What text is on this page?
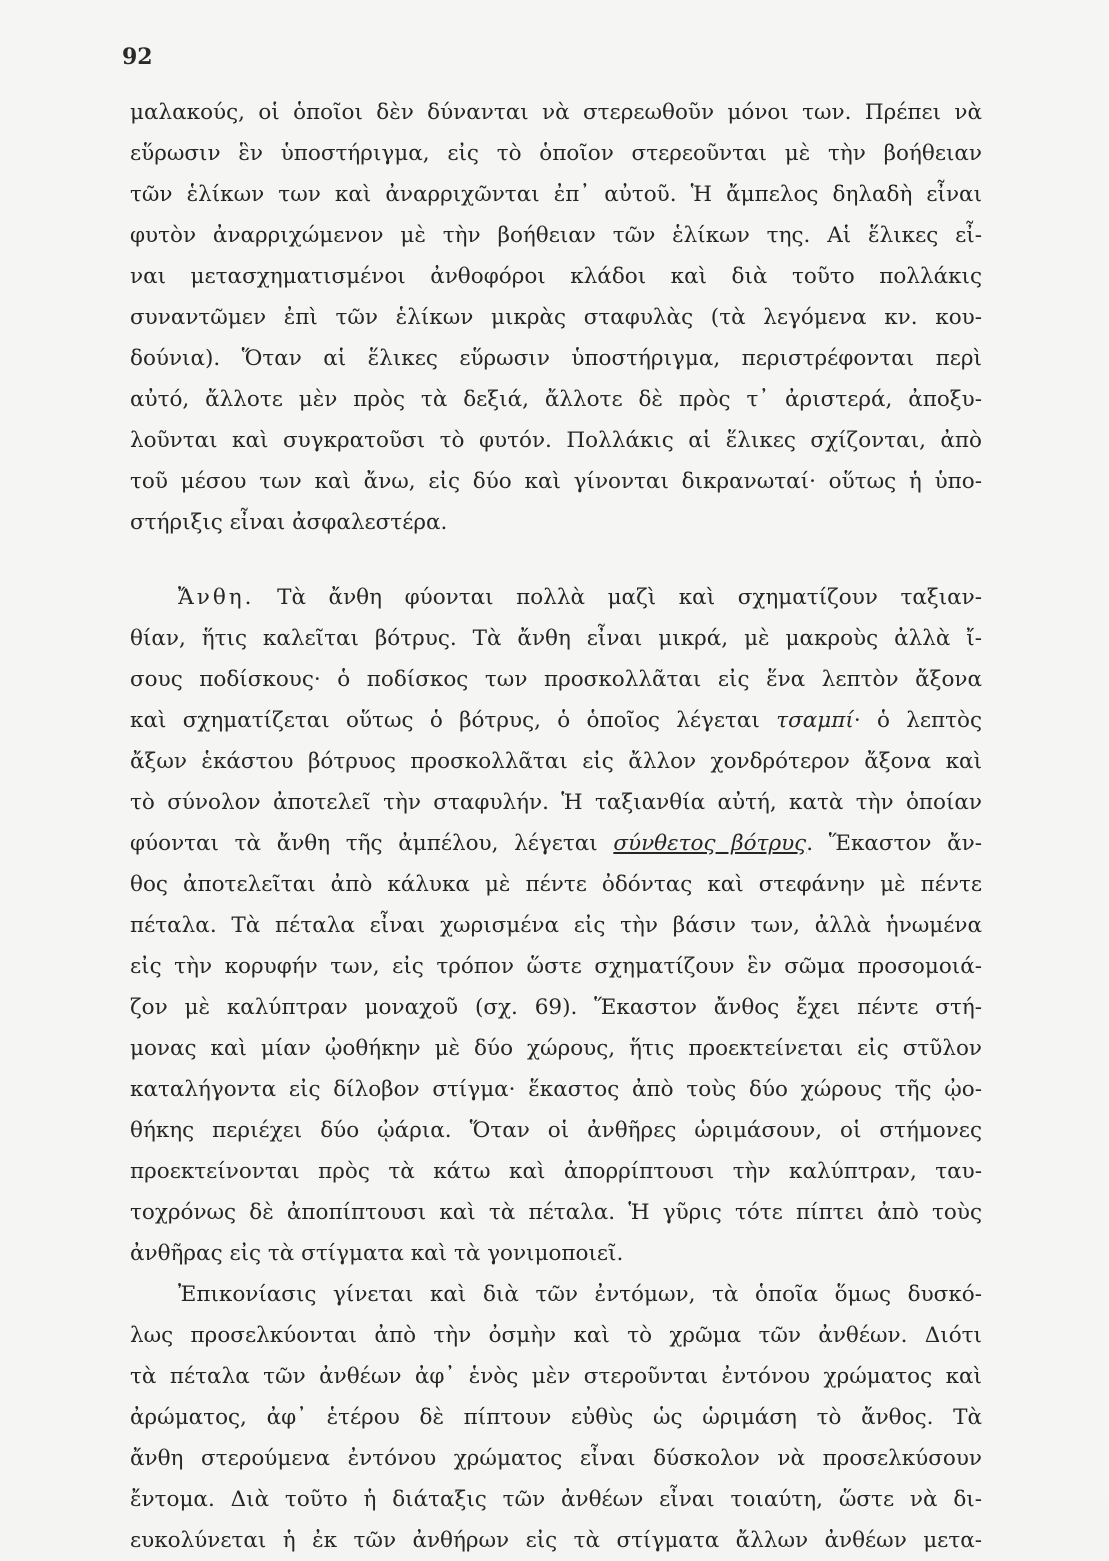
92

μαλακούς, οἱ ὁποῖοι δὲν δύνανται νὰ στερεωθοῦν μόνοι των. Πρέπει νὰ
εὕρωσιν ἓν ὑποστήριγμα, εἰς τὸ ὁποῖον στερεοῦνται μὲ τὴν βοήθειαν
τῶν ἑλίκων των καὶ ἀναρριχῶνται ἐπ᾽ αὐτοῦ. Ἡ ἄμπελος δηλαδὴ εἶναι
φυτὸν ἀναρριχώμενον μὲ τὴν βοήθειαν τῶν ἑλίκων της. Αἱ ἕλικες εἶ-
ναι μετασχηματισμένοι ἀνθοφόροι κλάδοι καὶ διὰ τοῦτο πολλάκις
συναντῶμεν ἐπὶ τῶν ἑλίκων μικρὰς σταφυλὰς (τὰ λεγόμενα κν. κου-
δούνια). Ὅταν αἱ ἕλικες εὕρωσιν ὑποστήριγμα, περιστρέφονται περὶ
αὐτό, ἄλλοτε μὲν πρὸς τὰ δεξιά, ἄλλοτε δὲ πρὸς τ᾽ ἀριστερά, ἀποξυ-
λοῦνται καὶ συγκρατοῦσι τὸ φυτόν. Πολλάκις αἱ ἕλικες σχίζονται, ἀπὸ
τοῦ μέσου των καὶ ἄνω, εἰς δύο καὶ γίνονται δικρανωταί· οὕτως ἡ ὑπο-
στήριξις εἶναι ἀσφαλεστέρα.
Ἄνθη. Τὰ ἄνθη φύονται πολλὰ μαζὶ καὶ σχηματίζουν ταξιαν-
θίαν, ἥτις καλεῖται βότρυς. Τὰ ἄνθη εἶναι μικρά, μὲ μακροὺς ἀλλὰ ἴ-
σους ποδίσκους· ὁ ποδίσκος των προσκολλᾶται εἰς ἕνα λεπτὸν ἄξονα
καὶ σχηματίζεται οὕτως ὁ βότρυς, ὁ ὁποῖος λέγεται τσαμπί· ὁ λεπτὸς
ἄξων ἑκάστου βότρυος προσκολλᾶται εἰς ἄλλον χονδρότερον ἄξονα καὶ
τὸ σύνολον ἀποτελεῖ τὴν σταφυλήν. Ἡ ταξιανθία αὐτή, κατὰ τὴν ὁποίαν
φύονται τὰ ἄνθη τῆς ἀμπέλου, λέγεται σύνθετος βότρυς. Ἕκαστον ἄν-
θος ἀποτελεῖται ἀπὸ κάλυκα μὲ πέντε ὀδόντας καὶ στεφάνην μὲ πέντε
πέταλα. Τὰ πέταλα εἶναι χωρισμένα εἰς τὴν βάσιν των, ἀλλὰ ἡνωμένα
εἰς τὴν κορυφήν των, εἰς τρόπον ὥστε σχηματίζουν ἓν σῶμα προσομοιά-
ζον μὲ καλύπτραν μοναχοῦ (σχ. 69). Ἕκαστον ἄνθος ἔχει πέντε στή-
μονας καὶ μίαν ᾠοθήκην μὲ δύο χώρους, ἥτις προεκτείνεται εἰς στῦλον
καταλήγοντα εἰς δίλοβον στίγμα· ἕκαστος ἀπὸ τοὺς δύο χώρους τῆς ᾠο-
θήκης περιέχει δύο ᾠάρια. Ὅταν οἱ ἀνθῆρες ὡριμάσουν, οἱ στήμονες
προεκτείνονται πρὸς τὰ κάτω καὶ ἀπορρίπτουσι τὴν καλύπτραν, ταυ-
τοχρόνως δὲ ἀποπίπτουσι καὶ τὰ πέταλα. Ἡ γῦρις τότε πίπτει ἀπὸ τοὺς
ἀνθῆρας εἰς τὰ στίγματα καὶ τὰ γονιμοποιεῖ.
Ἐπικονίασις γίνεται καὶ διὰ τῶν ἐντόμων, τὰ ὁποῖα ὅμως δυσκό-
λως προσελκύονται ἀπὸ τὴν ὀσμὴν καὶ τὸ χρῶμα τῶν ἀνθέων. Διότι
τὰ πέταλα τῶν ἀνθέων ἀφ᾽ ἑνὸς μὲν στεροῦνται ἐντόνου χρώματος καὶ
ἀρώματος, ἀφ᾽ ἑτέρου δὲ πίπτουν εὐθὺς ὡς ὡριμάση τὸ ἄνθος. Τὰ
ἄνθη στερούμενα ἐντόνου χρώματος εἶναι δύσκολον νὰ προσελκύσουν
ἔντομα. Διὰ τοῦτο ἡ διάταξις τῶν ἀνθέων εἶναι τοιαύτη, ὥστε νὰ δι-
ευκολύνεται ἡ ἐκ τῶν ἀνθήρων εἰς τὰ στίγματα ἄλλων ἀνθέων μετα-
